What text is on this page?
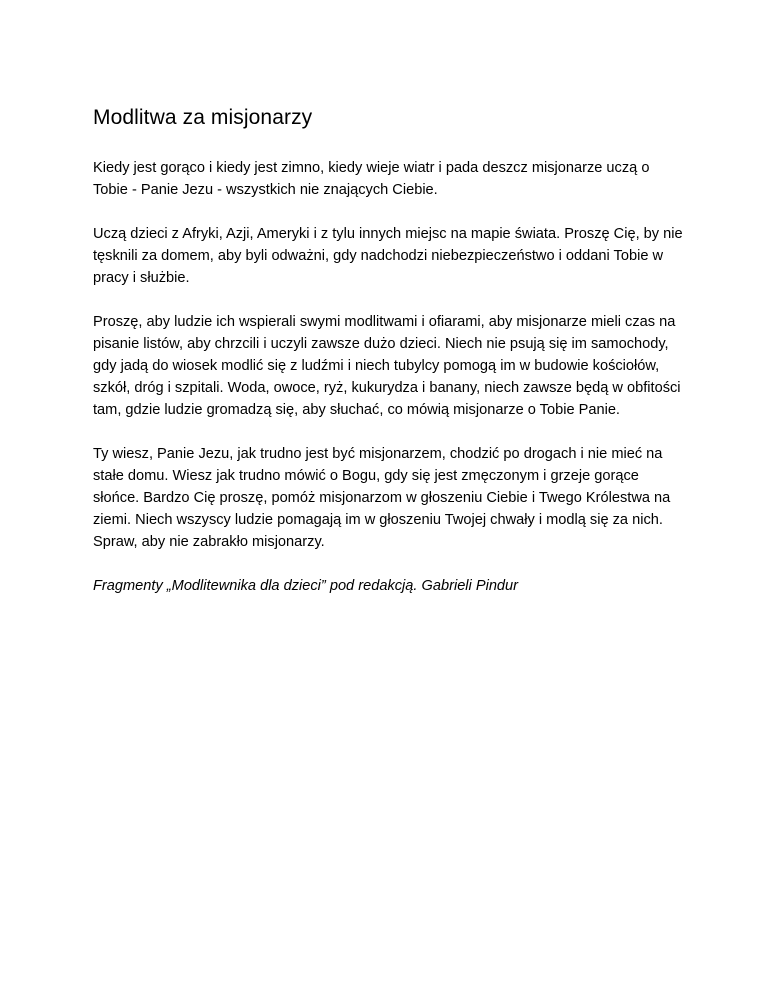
Modlitwa za misjonarzy

Kiedy jest gorąco i kiedy jest zimno, kiedy wieje wiatr i pada deszcz misjonarze uczą o Tobie - Panie Jezu - wszystkich nie znających Ciebie.

Uczą dzieci z Afryki, Azji, Ameryki i z tylu innych miejsc na mapie świata. Proszę Cię, by nie tęsknili za domem, aby byli odważni, gdy nadchodzi niebezpieczeństwo i oddani Tobie w pracy i służbie.

Proszę, aby ludzie ich wspierali swymi modlitwami i ofiarami, aby misjonarze mieli czas na pisanie listów, aby chrzcili i uczyli zawsze dużo dzieci. Niech nie psują się im samochody, gdy jadą do wiosek modlić się z ludźmi i niech tubylcy pomogą im w budowie kościołów, szkół, dróg i szpitali. Woda, owoce, ryż, kukurydza i banany, niech zawsze będą w obfitości tam, gdzie ludzie gromadzą się, aby słuchać, co mówią misjonarze o Tobie Panie.

Ty wiesz, Panie Jezu, jak trudno jest być misjonarzem, chodzić po drogach i nie mieć na stałe domu. Wiesz jak trudno mówić o Bogu, gdy się jest zmęczonym i grzeje gorące słońce. Bardzo Cię proszę, pomóż misjonarzom w głoszeniu Ciebie i Twego Królestwa na ziemi. Niech wszyscy ludzie pomagają im w głoszeniu Twojej chwały i modlą się za nich. Spraw, aby nie zabrakło misjonarzy.

Fragmenty „Modlitewnika dla dzieci” pod redakcją. Gabrieli Pindur
